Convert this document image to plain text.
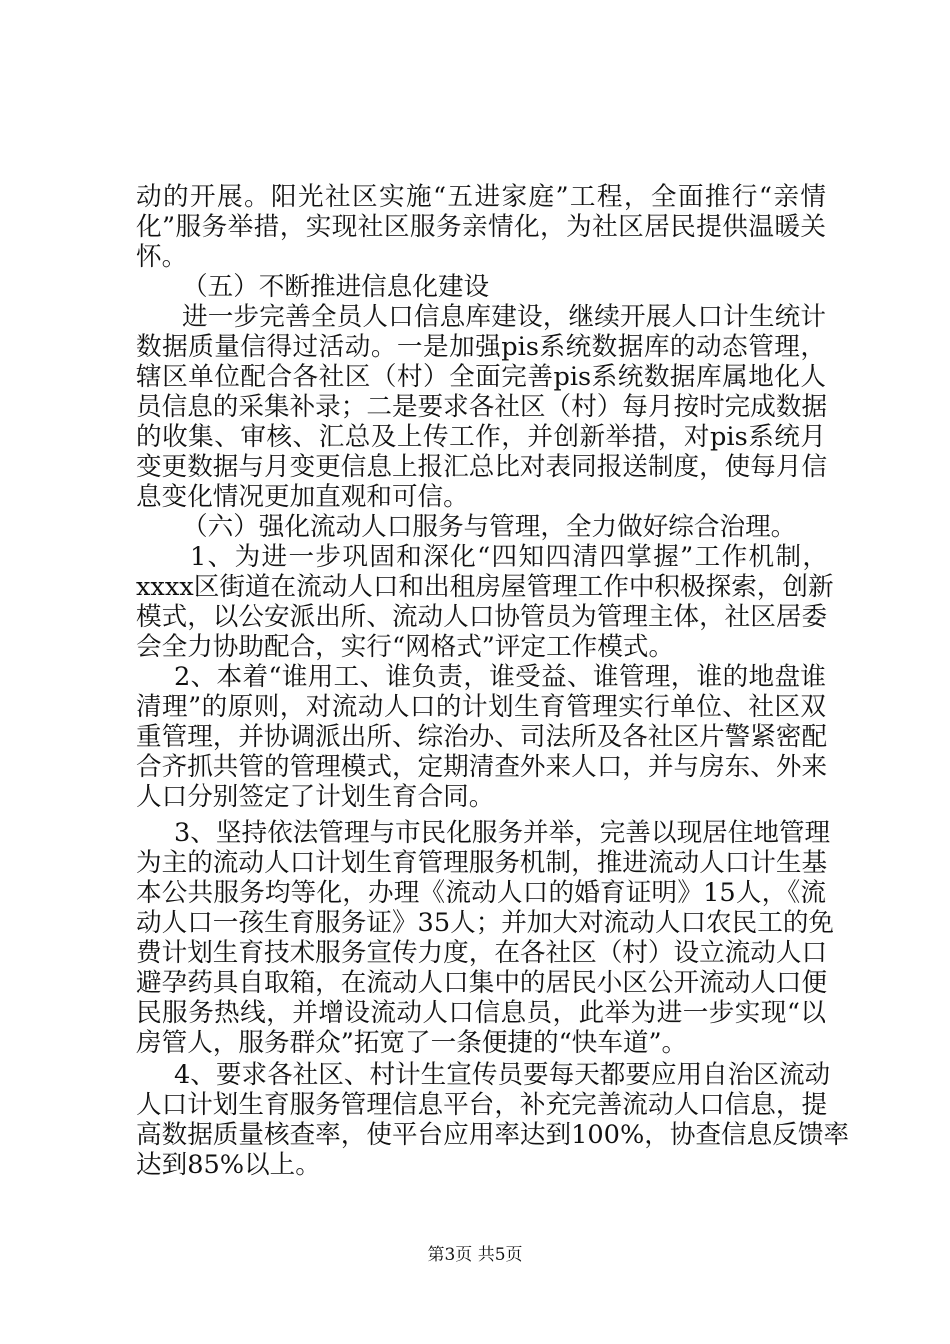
动的开展。阳光社区实施“五进家庭”工程，全面推行“亲情
化”服务举措，实现社区服务亲情化，为社区居民提供温暖关
怀。
（五）不断推进信息化建设
进一步完善全员人口信息库建设，继续开展人口计生统计
数据质量信得过活动。一是加强pis系统数据库的动态管理，
辖区单位配合各社区（村）全面完善pis系统数据库属地化人
员信息的采集补录；二是要求各社区（村）每月按时完成数据
的收集、审核、汇总及上传工作，并创新举措，对pis系统月
变更数据与月变更信息上报汇总比对表同报送制度，使每月信
息变化情况更加直观和可信。
（六）强化流动人口服务与管理，全力做好综合治理。
1、为进一步巩固和深化“四知四清四掌握”工作机制，
xxxx区街道在流动人口和出租房屋管理工作中积极探索，创新
模式，以公安派出所、流动人口协管员为管理主体，社区居委
会全力协助配合，实行“网格式”评定工作模式。
2、本着“谁用工、谁负责，谁受益、谁管理，谁的地盘谁
清理”的原则，对流动人口的计划生育管理实行单位、社区双
重管理，并协调派出所、综治办、司法所及各社区片警紧密配
合齐抓共管的管理模式，定期清查外来人口，并与房东、外来
人口分别签定了计划生育合同。
3、坚持依法管理与市民化服务并举，完善以现居住地管理
为主的流动人口计划生育管理服务机制，推进流动人口计生基
本公共服务均等化，办理《流动人口的婚育证明》15人，《流
动人口一孩生育服务证》35人；并加大对流动人口农民工的免
费计划生育技术服务宣传力度，在各社区（村）设立流动人口
避孕药具自取箱，在流动人口集中的居民小区公开流动人口便
民服务热线，并增设流动人口信息员，此举为进一步实现“以
房管人，服务群众”拓宽了一条便捷的“快车道”。
4、要求各社区、村计生宣传员要每天都要应用自治区流动
人口计划生育服务管理信息平台，补充完善流动人口信息，提
高数据质量核查率，使平台应用率达到100%，协查信息反馈率
达到85%以上。
第3页 共5页
